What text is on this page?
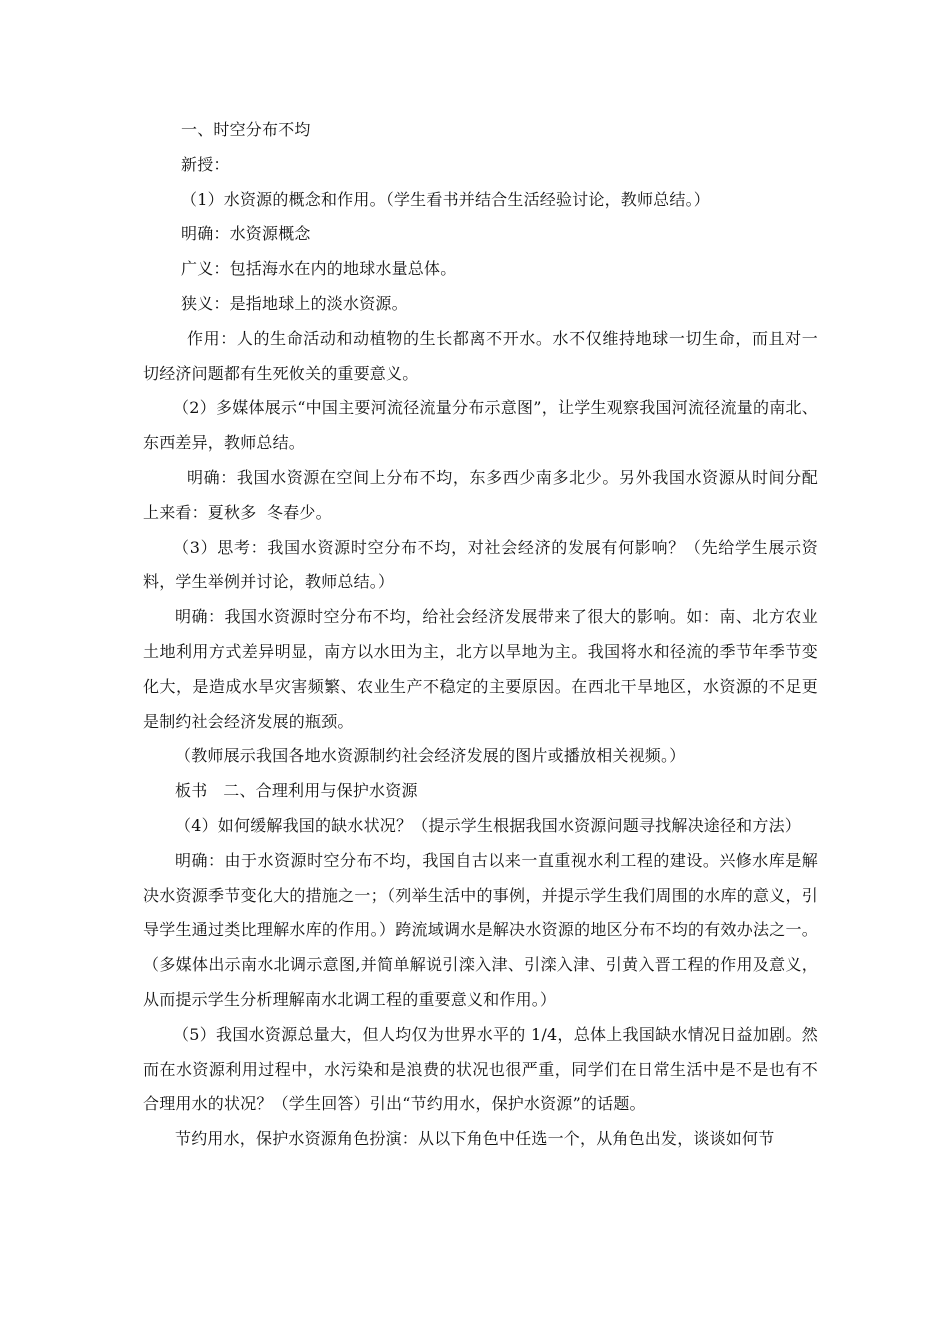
一、时空分布不均

新授：

（1）水资源的概念和作用。（学生看书并结合生活经验讨论，教师总结。）

明确：水资源概念

广义：包括海水在内的地球水量总体。

狭义：是指地球上的淡水资源。

作用：人的生命活动和动植物的生长都离不开水。水不仅维持地球一切生命，而且对一切经济问题都有生死攸关的重要意义。

（2）多媒体展示“中国主要河流径流量分布示意图”，让学生观察我国河流径流量的南北、东西差异，教师总结。

明确：我国水资源在空间上分布不均，东多西少南多北少。另外我国水资源从时间分配上来看：夏秋多  冬春少。

（3）思考：我国水资源时空分布不均，对社会经济的发展有何影响？（先给学生展示资料，学生举例并讨论，教师总结。）

明确：我国水资源时空分布不均，给社会经济发展带来了很大的影响。如：南、北方农业土地利用方式差异明显，南方以水田为主，北方以旱地为主。我国将水和径流的季节年季节变化大，是造成水旱灾害频繁、农业生产不稳定的主要原因。在西北干旱地区，水资源的不足更是制约社会经济发展的瓶颈。

（教师展示我国各地水资源制约社会经济发展的图片或播放相关视频。）

板书   二、合理利用与保护水资源

（4）如何缓解我国的缺水状况？（提示学生根据我国水资源问题寻找解决途径和方法）

明确：由于水资源时空分布不均，我国自古以来一直重视水利工程的建设。兴修水库是解决水资源季节变化大的措施之一；（列举生活中的事例，并提示学生我们周围的水库的意义，引导学生通过类比理解水库的作用。）跨流域调水是解决水资源的地区分布不均的有效办法之一。（多媒体出示南水北调示意图,并简单解说引滦入津、引滦入津、引黄入晋工程的作用及意义，从而提示学生分析理解南水北调工程的重要意义和作用。）

（5）我国水资源总量大，但人均仅为世界水平的 1/4，总体上我国缺水情况日益加剧。然而在水资源利用过程中，水污染和是浪费的状况也很严重，同学们在日常生活中是不是也有不合理用水的状况？（学生回答）引出“节约用水，保护水资源”的话题。

节约用水，保护水资源角色扮演：从以下角色中任选一个，从角色出发，谈谈如何节
